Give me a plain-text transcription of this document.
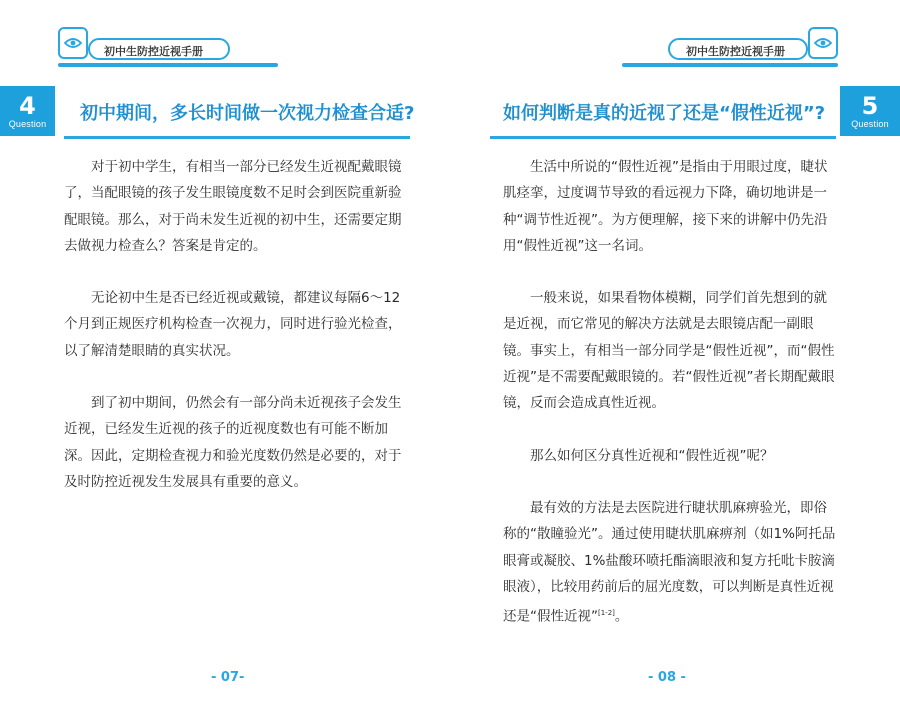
初中生防控近视手册
4
Question	初中期间，多长时间做一次视力检查合适?

对于初中学生，有相当一部分已经发生近视配戴眼镜了，当配眼镜的孩子发生眼镜度数不足时会到医院重新验配眼镜。那么，对于尚未发生近视的初中生，还需要定期去做视力检查么？答案是肯定的。

无论初中生是否已经近视或戴镜，都建议每隔6～12个月到正规医疗机构检查一次视力，同时进行验光检查，以了解清楚眼睛的真实状况。

到了初中期间，仍然会有一部分尚未近视孩子会发生近视，已经发生近视的孩子的近视度数也有可能不断加深。因此，定期检查视力和验光度数仍然是必要的，对于及时防控近视发生发展具有重要的意义。

- 07-
初中生防控近视手册
如何判断是真的近视了还是“假性近视”?	5
Question

生活中所说的“假性近视”是指由于用眼过度，睫状肌痉挛，过度调节导致的看远视力下降，确切地讲是一种“调节性近视”。为方便理解，接下来的讲解中仍先沿用“假性近视”这一名词。

一般来说，如果看物体模糊，同学们首先想到的就是近视，而它常见的解决方法就是去眼镜店配一副眼镜。事实上，有相当一部分同学是“假性近视”，而“假性近视”是不需要配戴眼镜的。若“假性近视”者长期配戴眼镜，反而会造成真性近视。

那么如何区分真性近视和“假性近视”呢？

最有效的方法是去医院进行睫状肌麻痹验光，即俗称的“散瞳验光”。通过使用睫状肌麻痹剂（如1%阿托品眼膏或凝胶、1%盐酸环喷托酯滴眼液和复方托吡卡胺滴眼液），比较用药前后的屈光度数，可以判断是真性近视还是“假性近视”[1-2]。

- 08 -
